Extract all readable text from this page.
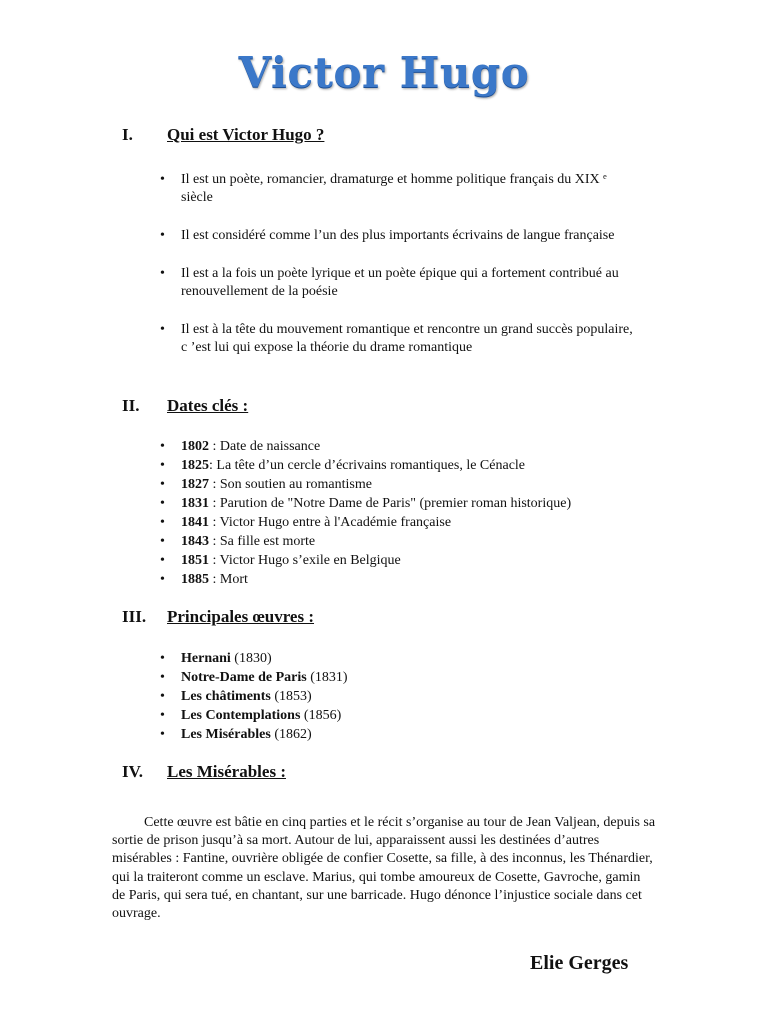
Victor Hugo
I. Qui est Victor Hugo ?
• Il est un poète, romancier, dramaturge et homme politique français du XIX ᵉ siècle
• Il est considéré comme l’un des plus importants écrivains de langue française
• Il est a la fois un poète lyrique et un poète épique qui a fortement contribué au renouvellement de la poésie
• Il est à la tête du mouvement romantique et rencontre un grand succès populaire, c ’est lui qui expose la théorie du drame romantique
II. Dates clés :
• 1802 : Date de naissance
• 1825: La tête d’un cercle d’écrivains romantiques, le Cénacle
• 1827 : Son soutien au romantisme
• 1831 : Parution de "Notre Dame de Paris" (premier roman historique)
• 1841 : Victor Hugo entre à l'Académie française
• 1843 : Sa fille est morte
• 1851 : Victor Hugo s’exile en Belgique
• 1885 : Mort
III. Principales œuvres :
• Hernani (1830)
• Notre-Dame de Paris (1831)
• Les châtiments (1853)
• Les Contemplations (1856)
• Les Misérables (1862)
IV. Les Misérables :

Cette œuvre est bâtie en cinq parties et le récit s’organise au tour de Jean Valjean, depuis sa sortie de prison jusqu’à sa mort. Autour de lui, apparaissent aussi les destinées d’autres misérables : Fantine, ouvrière obligée de confier Cosette, sa fille, à des inconnus, les Thénardier, qui la traiteront comme un esclave. Marius, qui tombe amoureux de Cosette, Gavroche, gamin de Paris, qui sera tué, en chantant, sur une barricade. Hugo dénonce l’injustice sociale dans cet ouvrage.

Elie Gerges
